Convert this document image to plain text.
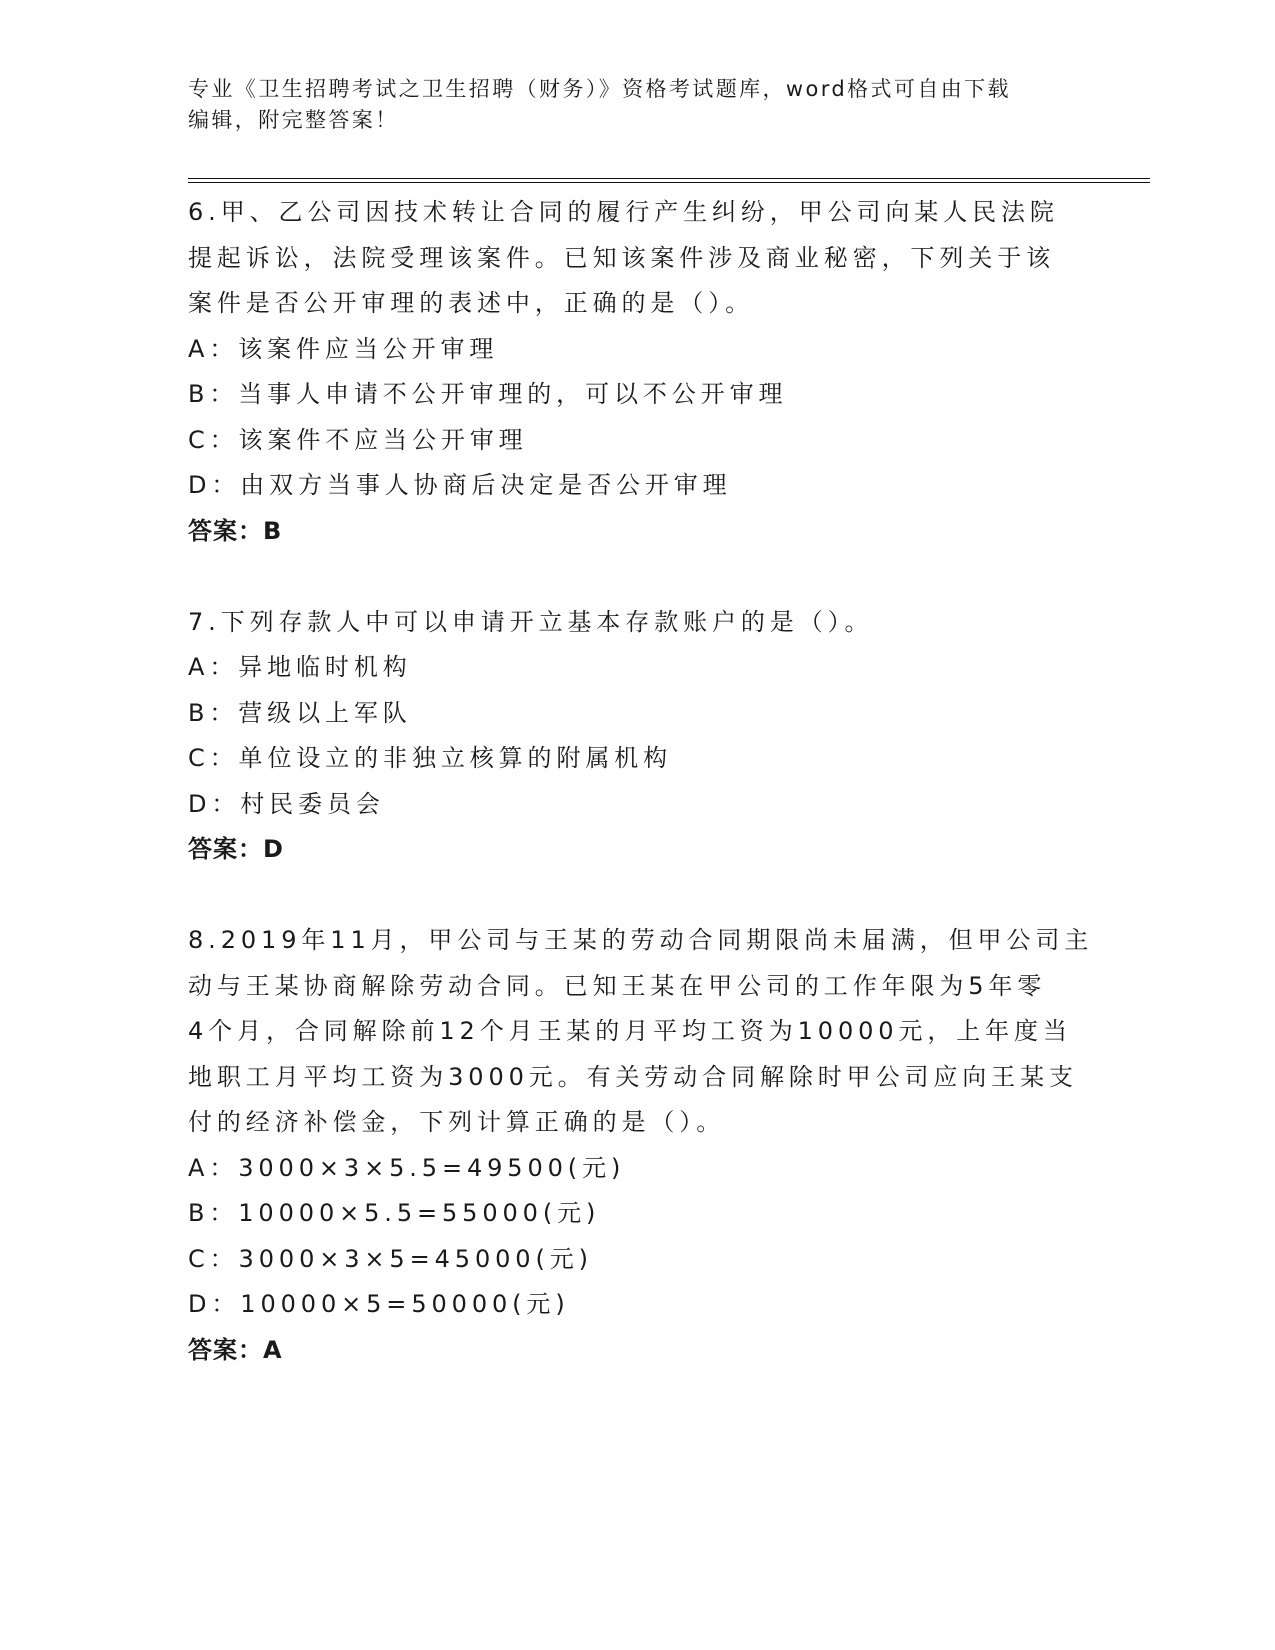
专业《卫生招聘考试之卫生招聘（财务）》资格考试题库，word格式可自由下载
编辑，附完整答案！
6.甲、乙公司因技术转让合同的履行产生纠纷，甲公司向某人民法院
提起诉讼，法院受理该案件。已知该案件涉及商业秘密，下列关于该
案件是否公开审理的表述中，正确的是（）。
A：该案件应当公开审理
B：当事人申请不公开审理的，可以不公开审理
C：该案件不应当公开审理
D：由双方当事人协商后决定是否公开审理
答案：B
7.下列存款人中可以申请开立基本存款账户的是（）。
A：异地临时机构
B：营级以上军队
C：单位设立的非独立核算的附属机构
D：村民委员会
答案：D
8.2019年11月，甲公司与王某的劳动合同期限尚未届满，但甲公司主
动与王某协商解除劳动合同。已知王某在甲公司的工作年限为5年零
4个月，合同解除前12个月王某的月平均工资为10000元，上年度当
地职工月平均工资为3000元。有关劳动合同解除时甲公司应向王某支
付的经济补偿金，下列计算正确的是（）。
A：3000×3×5.5=49500(元)
B：10000×5.5=55000(元)
C：3000×3×5=45000(元)
D：10000×5=50000(元)
答案：A
